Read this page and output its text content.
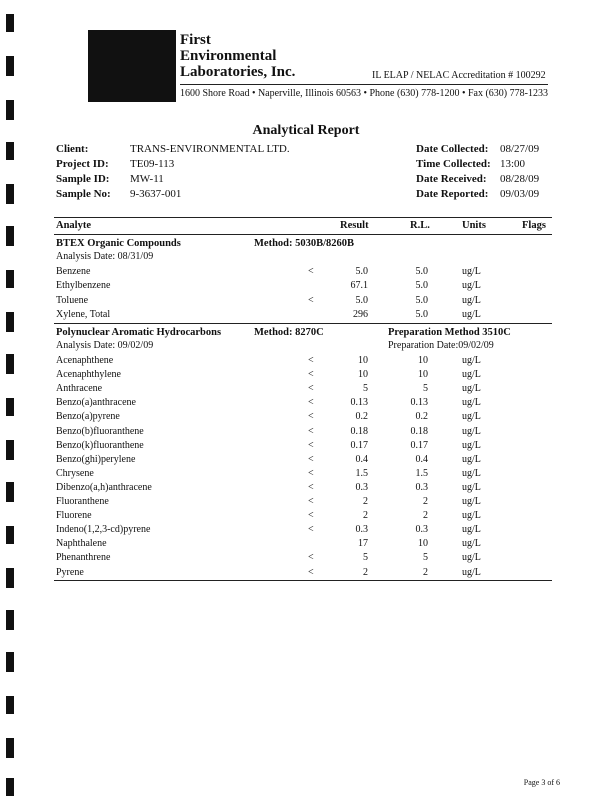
First
Environmental
Laboratories, Inc.	IL ELAP / NELAC Accreditation # 100292
1600 Shore Road • Naperville, Illinois 60563 • Phone (630) 778-1200 • Fax (630) 778-1233
Analytical Report
Client:	TRANS-ENVIRONMENTAL LTD.
Project ID: TE09-113
Sample ID: MW-11
Sample No: 9-3637-001
Date Collected: 08/27/09
Time Collected: 13:00
Date Received: 08/28/09
Date Reported: 09/03/09
Analyte	Result	R.L.	Units	Flags
BTEX Organic Compounds	Method: 5030B/8260B
Analysis Date: 08/31/09
Benzene	<	5.0	5.0	ug/L
Ethylbenzene	67.1	5.0	ug/L
Toluene	<	5.0	5.0	ug/L
Xylene, Total	296	5.0	ug/L
Polynuclear Aromatic Hydrocarbons	Method: 8270C	Preparation Method 3510C
Analysis Date: 09/02/09	Preparation Date:09/02/09
Acenaphthene	<	10	10	ug/L
Acenaphthylene	<	10	10	ug/L
Anthracene	<	5	5	ug/L
Benzo(a)anthracene	<	0.13	0.13	ug/L
Benzo(a)pyrene	<	0.2	0.2	ug/L
Benzo(b)fluoranthene	<	0.18	0.18	ug/L
Benzo(k)fluoranthene	<	0.17	0.17	ug/L
Benzo(ghi)perylene	<	0.4	0.4	ug/L
Chrysene	<	1.5	1.5	ug/L
Dibenzo(a,h)anthracene	<	0.3	0.3	ug/L
Fluoranthene	<	2	2	ug/L
Fluorene	<	2	2	ug/L
Indeno(1,2,3-cd)pyrene	<	0.3	0.3	ug/L
Naphthalene	17	10	ug/L
Phenanthrene	<	5	5	ug/L
Pyrene	<	2	2	ug/L
Page 3 of 6
